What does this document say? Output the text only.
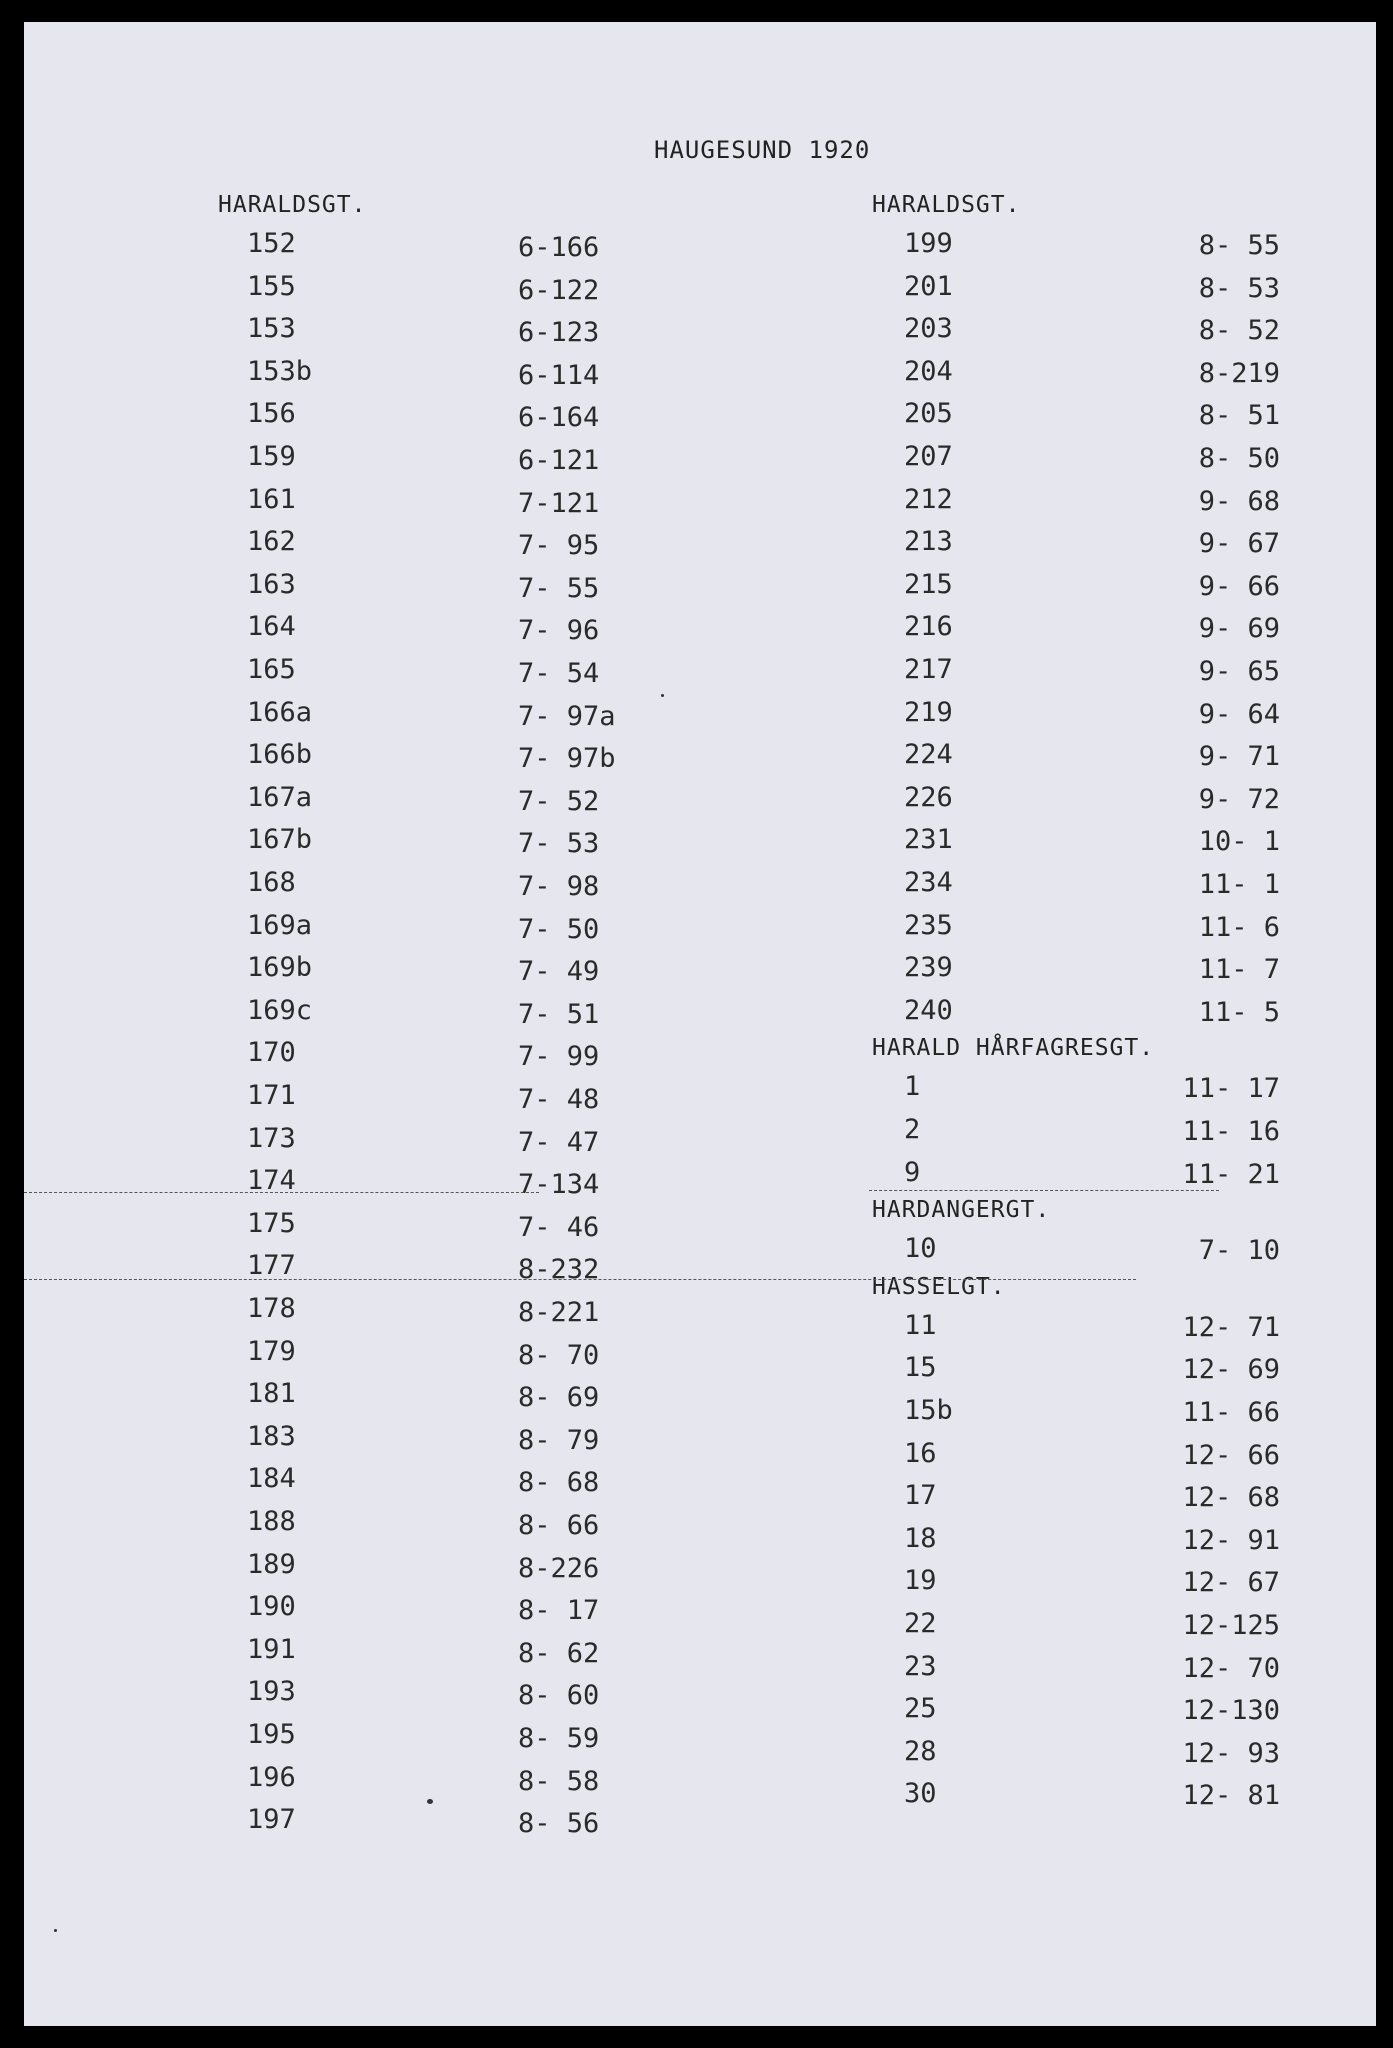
HAUGESUND 1920
HARALDSGT.
152	6-166
155	6-122
153	6-123
153b	6-114
156	6-164
159	6-121
161	7-121
162	7- 95
163	7- 55
164	7- 96
165	7- 54
166a	7- 97a
166b	7- 97b
167a	7- 52
167b	7- 53
168	7- 98
169a	7- 50
169b	7- 49
169c	7- 51
170	7- 99
171	7- 48
173	7- 47
174	7-134
175	7- 46
177	8-232
178	8-221
179	8- 70
181	8- 69
183	8- 79
184	8- 68
188	8- 66
189	8-226
190	8- 17
191	8- 62
193	8- 60
195	8- 59
196	8- 58
197	8- 56
HARALDSGT.
199	8- 55
201	8- 53
203	8- 52
204	8-219
205	8- 51
207	8- 50
212	9- 68
213	9- 67
215	9- 66
216	9- 69
217	9- 65
219	9- 64
224	9- 71
226	9- 72
231	10- 1
234	11- 1
235	11- 6
239	11- 7
240	11- 5
HARALD HÅRFAGRESGT.
1	11- 17
2	11- 16
9	11- 21
HARDANGERGT.
10	7- 10
HASSELGT.
11	12- 71
15	12- 69
15b	11- 66
16	12- 66
17	12- 68
18	12- 91
19	12- 67
22	12-125
23	12- 70
25	12-130
28	12- 93
30	12- 81
